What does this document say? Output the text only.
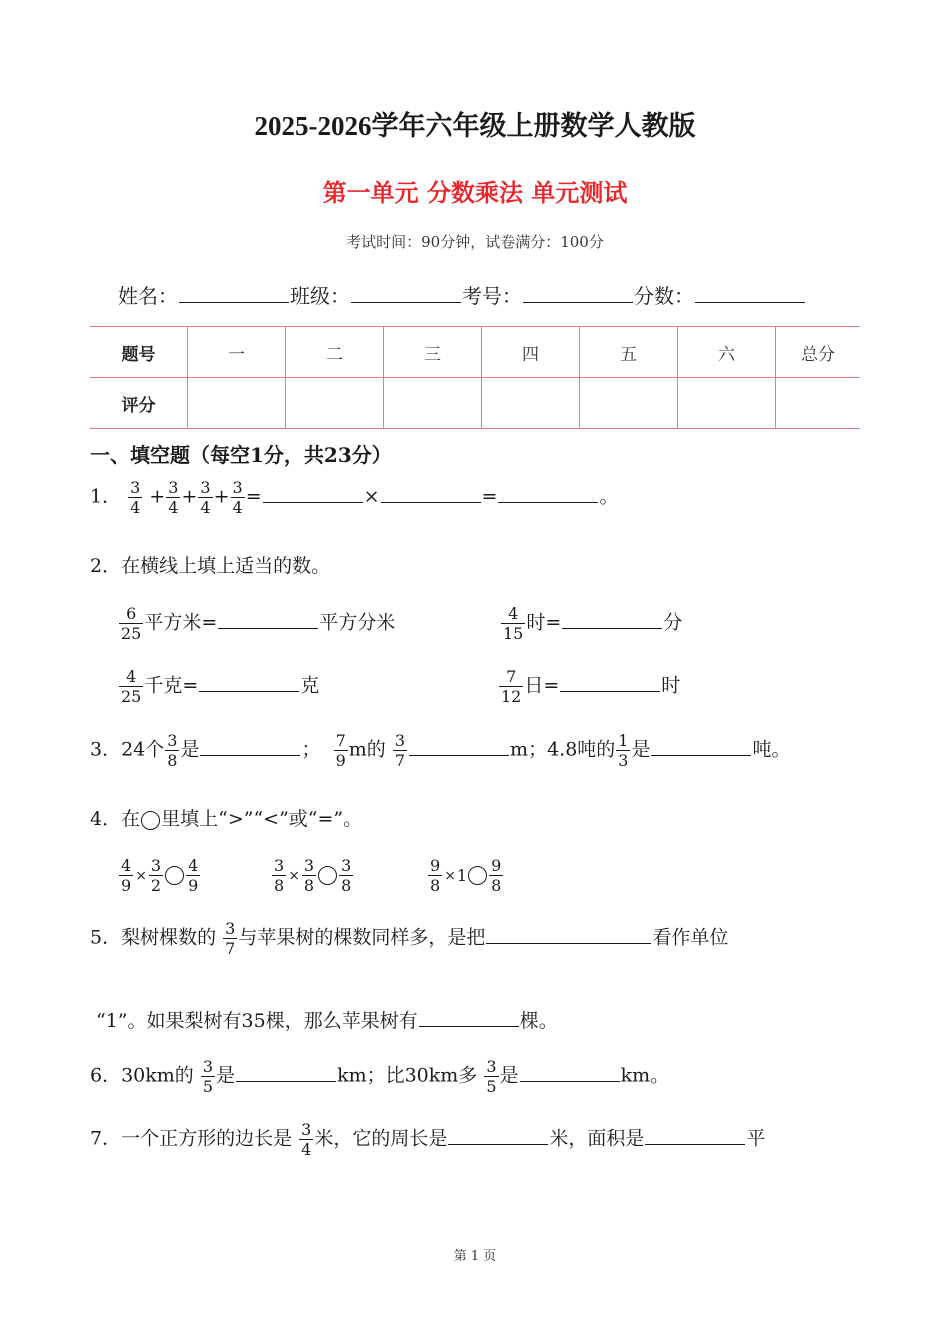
2025-2026学年六年级上册数学人教版
第一单元 分数乘法 单元测试
考试时间：90分钟，试卷满分：100分
姓名：	班级：	考号：	分数：
题号	一	二	三	四	五	六	总分
评分							
一、填空题（每空1分，共23分）
1． $\frac{3}{4} + \frac{3}{4} + \frac{3}{4} + \frac{3}{4}$ =	×	=	。
2．在横线上填上适当的数。
$\frac{6}{25}$ 平方米=	平方分米	$\frac{4}{15}$ 时=	分
$\frac{4}{25}$ 千克=	克	$\frac{7}{12}$ 日=	时
3．24个 $\frac{3}{8}$ 是	； $\frac{7}{9}$ m的 $\frac{3}{7}$	m；4.8吨的 $\frac{1}{3}$ 是	吨。
4．在 里填上“>”“<”或“=”。
$\frac{4}{9} \times \frac{3}{2} \frac{4}{9}$	$\frac{3}{8} \times \frac{3}{8} \frac{3}{8}$	$\frac{9}{8} \times 1 \frac{9}{8}$
5．梨树棵数的 $\frac{3}{7}$ 与苹果树的棵数同样多，是把	看作单位
“1”。如果梨树有35棵，那么苹果树有	棵。
6．30km的 $\frac{3}{5}$ 是	km；比30km多 $\frac{3}{5}$ 是	km。
7．一个正方形的边长是 $\frac{3}{4}$ 米，它的周长是	米，面积是	平
第 1 页
